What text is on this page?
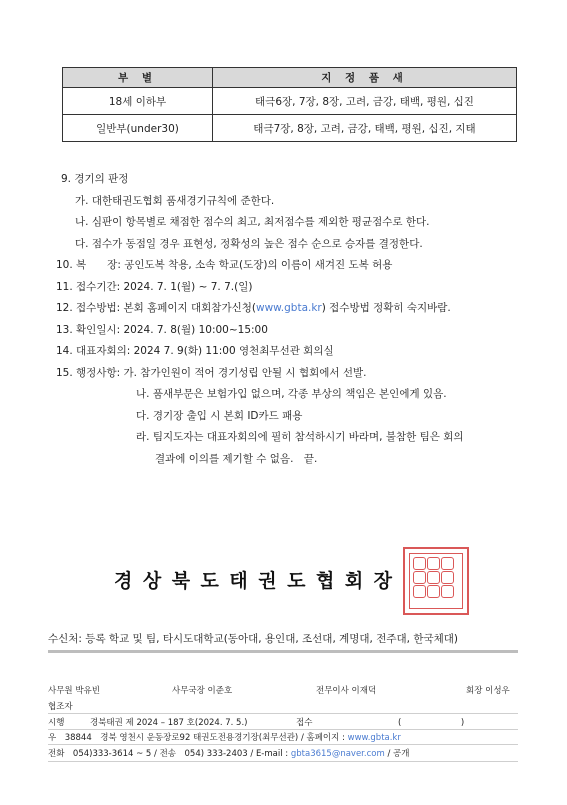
부 별	지 정 품 새
18세 이하부	태극6장, 7장, 8장, 고려, 금강, 태백, 평원, 십진
일반부(under30)	태극7장, 8장, 고려, 금강, 태백, 평원, 십진, 지태
9. 경기의 판정
가. 대한태권도협회 품새경기규칙에 준한다.
나. 심판이 항목별로 채점한 점수의 최고, 최저점수를 제외한 평균점수로 한다.
다. 점수가 동점일 경우 표현성, 정확성의 높은 점수 순으로 승자를 결정한다.
10. 복　　장: 공인도복 착용, 소속 학교(도장)의 이름이 새겨진 도복 허용
11. 접수기간: 2024. 7. 1(월) ~ 7. 7.(일)
12. 접수방법: 본회 홈페이지 대회참가신청(www.gbta.kr) 접수방법 정확히 숙지바람.
13. 확인일시: 2024. 7. 8(월) 10:00~15:00
14. 대표자회의: 2024 7. 9(화) 11:00 영천최무선관 회의실
15. 행정사항: 가. 참가인원이 적어 경기성립 안될 시 협회에서 선발.
나. 품새부문은 보험가입 없으며, 각종 부상의 책임은 본인에게 있음.
다. 경기장 출입 시 본회 ID카드 패용
라. 팀지도자는 대표자회의에 필히 참석하시기 바라며, 불참한 팀은 회의
결과에 이의를 제기할 수 없음.　끝.
경상북도태권도협회장
수신처: 등록 학교 및 팀, 타시도대학교(동아대, 용인대, 조선대, 계명대, 전주대, 한국체대)
사무원 박유빈	사무국장 이준호	전무이사 이재덕	회장 이성우
협조자
시행	경북태권 제 2024 – 187 호(2024. 7. 5.)	접수	(　　　　　　　)
우　38844　경북 영천시 운동장로92 태권도전용경기장(최무선관) / 홈페이지 : www.gbta.kr
전화　054)333-3614 ~ 5 / 전송　054) 333-2403 / E-mail : gbta3615@naver.com / 공개
